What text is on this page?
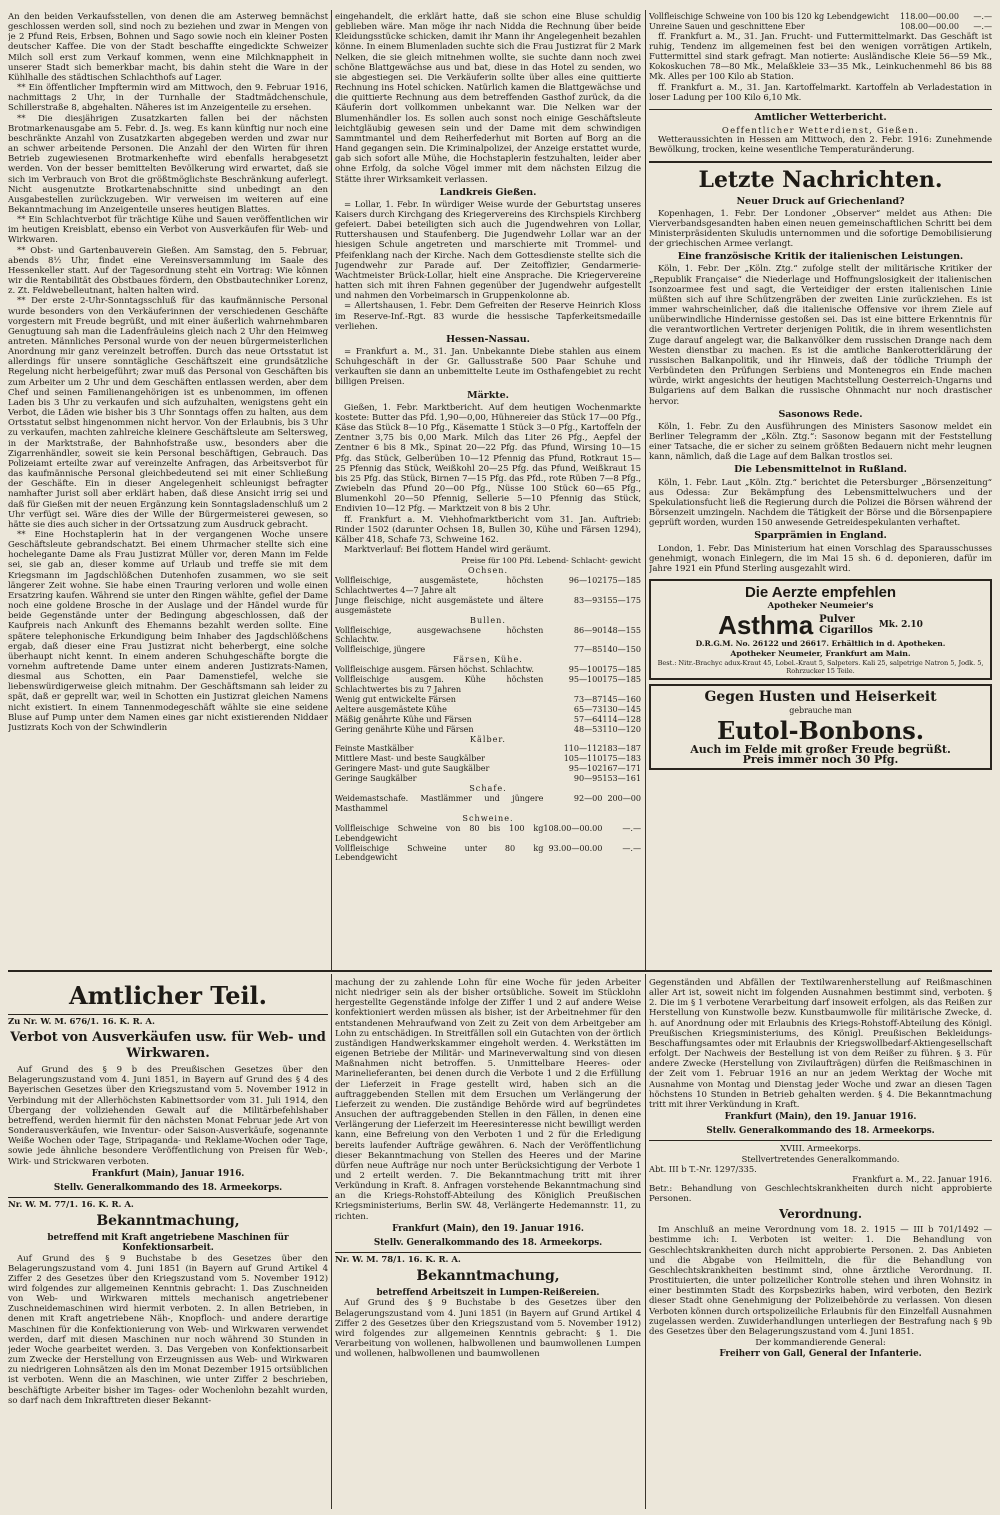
An den beiden Verkaufsstellen, von denen die am Asterweg bemnächst geschlossen werden soll, sind noch zu beziehen und zwar in Mengen von je 2 Pfund Reis, Erbsen, Bohnen und Sago sowie noch ein kleiner Posten deutscher Kaffee. Die von der Stadt beschaffte eingedickte Schweizer Milch soll erst zum Verkauf kommen, wenn eine Milchknappheit in unserer Stadt sich bemerkbar macht, bis dahin steht die Ware in der Kühlhalle des städtischen Schlachthofs auf Lager.

** Ein öffentlicher Impftermin wird am Mittwoch, den 9. Februar 1916, nachmittags 2 Uhr, in der Turnhalle der Stadtmädchenschule, Schillerstraße 8, abgehalten. Näheres ist im Anzeigenteile zu ersehen.

** Die diesjährigen Zusatzkarten fallen bei der nächsten Brotmarkenausgabe am 5. Febr. d. Js. weg. Es kann künftig nur noch eine beschränkte Anzahl von Zusatzkarten abgegeben werden und zwar nur an schwer arbeitende Personen. Die Anzahl der den Wirten für ihren Betrieb zugewiesenen Brotmarkenhefte wird ebenfalls herabgesetzt werden. Von der besser bemittelten Bevölkerung wird erwartet, daß sie sich im Verbrauch von Brot die größtmöglichste Beschränkung auferlegt. Nicht ausgenutzte Brotkartenabschnitte sind unbedingt an den Ausgabestellen zurückzugeben. Wir verweisen im weiteren auf eine Bekanntmachung im Anzeigenteile unseres heutigen Blattes.

** Ein Schlachtverbot für trächtige Kühe und Sauen veröffentlichen wir im heutigen Kreisblatt, ebenso ein Verbot von Ausverkäufen für Web- und Wirkwaren.

** Obst- und Gartenbauverein Gießen. Am Samstag, den 5. Februar, abends 8½ Uhr, findet eine Vereinsversammlung im Saale des Hessenkeller statt. Auf der Tagesordnung steht ein Vortrag: Wie können wir die Rentabilität des Obstbaues fördern, den Obstbautechniker Lorenz, z. Zt. Feldwebelleutnant, halten halten wird.

** Der erste 2-Uhr-Sonntagsschluß für das kaufmännische Personal wurde besonders von den Verkäuferinnen der verschiedenen Geschäfte vorgestern mit Freude begrüßt, und mit einer äußerlich wahrnehmbaren Genugtuung sah man die Ladenfräuleins gleich nach 2 Uhr den Heimweg antreten. Männliches Personal wurde von der neuen bürgermeisterlichen Anordnung mir ganz vereinzelt betroffen. Durch das neue Ortsstatut ist allerdings für unsere sonntägliche Geschäftszeit eine grundsätzliche Regelung nicht herbeigeführt; zwar muß das Personal von Geschäften bis zum Arbeiter um 2 Uhr und dem Geschäften entlassen werden, aber dem Chef und seinen Familienangehörigen ist es unbenommen, im offenen Laden bis 3 Uhr zu verkaufen und sich aufzuhalten, wenigstens geht ein Verbot, die Läden wie bisher bis 3 Uhr Sonntags offen zu halten, aus dem Ortsstatut selbst hingenommen nicht hervor. Von der Erlaubnis, bis 3 Uhr zu verkaufen, machten zahlreiche kleinere Geschäftsleute am Seltersweg, in der Marktstraße, der Bahnhofstraße usw., besonders aber die Zigarrenhändler, soweit sie kein Personal beschäftigen, Gebrauch. Das Polizeiamt erteilte zwar auf vereinzelte Anfragen, das Arbeitsverbot für das kaufmännische Personal gleichbedeutend sei mit einer Schließung der Geschäfte. Ein in dieser Angelegenheit schleunigst befragter namhafter Jurist soll aber erklärt haben, daß diese Ansicht irrig sei und daß für Gießen mit der neuen Ergänzung kein Sonntagsladenschluß um 2 Uhr verfügt sei. Wäre dies der Wille der Bürgermeisterei gewesen, so hätte sie dies auch sicher in der Ortssatzung zum Ausdruck gebracht.

** Eine Hochstaplerin hat in der vergangenen Woche unsere Geschäftsleute gebrandschatzt. Bei einem Uhrmacher stellte sich eine hochelegante Dame als Frau Justizrat Müller vor, deren Mann im Felde sei, sie gab an, dieser komme auf Urlaub und treffe sie mit dem Kriegsmann im Jagdschlößchen Dutenhofen zusammen, wo sie seit längerer Zeit wohne. Sie habe einen Trauring verloren und wolle einen Ersatzring kaufen. Während sie unter den Ringen wählte, gefiel der Dame noch eine goldene Brosche in der Auslage und der Händel wurde für beide Gegenstände unter der Bedingung abgeschlossen, daß der Kaufpreis nach Ankunft des Ehemanns bezahlt werden sollte. Eine spätere telephonische Erkundigung beim Inhaber des Jagdschlößchens ergab, daß dieser eine Frau Justizrat nicht beherbergt, eine solche überhaupt nicht kennt. In einem anderen Schuhgeschäfte borgte die vornehm auftretende Dame unter einem anderen Justizrats-Namen, diesmal aus Schotten, ein Paar Damenstiefel, welche sie liebenswürdigerweise gleich mitnahm. Der Geschäftsmann sah leider zu spät, daß er geprellt war, weil in Schotten ein Justizrat gleichen Namens nicht existiert. In einem Tannenmodegeschäft wählte sie eine seidene Bluse auf Pump unter dem Namen eines gar nicht existierenden Niddaer Justizrats Koch von der Schwindlerin

eingehandelt, die erklärt hatte, daß sie schon eine Bluse schuldig geblieben wäre. Man möge ihr nach Nidda die Rechnung über beide Kleidungsstücke schicken, damit ihr Mann ihr Angelegenheit bezahlen könne. In einem Blumenladen suchte sich die Frau Justizrat für 2 Mark Nelken, die sie gleich mitnehmen wollte, sie suchte dann noch zwei schöne Blattgewächse aus und bat, diese in das Hotel zu senden, wo sie abgestiegen sei. Die Verkäuferin sollte über alles eine quittierte Rechnung ins Hotel schicken. Natürlich kamen die Blattgewächse und die quittierte Rechnung aus dem betreffenden Gasthof zurück, da die Käuferin dort vollkommen unbekannt war. Die Nelken war der Blumenhändler los. Es sollen auch sonst noch einige Geschäftsleute leichtgläubig gewesen sein und der Dame mit dem schwindigen Sammtmantel und dem Reiherfederhut mit Borten auf Borg an die Hand gegangen sein. Die Kriminalpolizei, der Anzeige erstattet wurde, gab sich sofort alle Mühe, die Hochstaplerin festzuhalten, leider aber ohne Erfolg, da solche Vögel immer mit dem nächsten Eilzug die Stätte ihrer Wirksamkeit verlassen.

Landkreis Gießen.

= Lollar, 1. Febr. In würdiger Weise wurde der Geburtstag unseres Kaisers durch Kirchgang des Kriegervereins des Kirchspiels Kirchberg gefeiert. Dabei beteiligten sich auch die Jugendwehren von Lollar, Ruttershausen und Staufenberg. Die Jugendwehr Lollar war an der hiesigen Schule angetreten und marschierte mit Trommel- und Pfeifenklang nach der Kirche. Nach dem Gottesdienste stellte sich die Jugendwehr zur Parade auf. Der Zeitoffizier, Gendarmerie-Wachtmeister Brück-Lollar, hielt eine Ansprache. Die Kriegervereine hatten sich mit ihren Fahnen gegenüber der Jugendwehr aufgestellt und nahmen den Vorbeimarsch in Gruppenkolonne ab.

= Allertshausen, 1. Febr. Dem Gefreiten der Reserve Heinrich Kloss im Reserve-Inf.-Rgt. 83 wurde die hessische Tapferkeitsmedaille verliehen.

Hessen-Nassau.

= Frankfurt a. M., 31. Jan. Unbekannte Diebe stahlen aus einem Schuhgeschäft in der Gr. Gallusstraße 500 Paar Schuhe und verkauften sie dann an unbemittelte Leute im Osthafengebiet zu recht billigen Preisen.

Märkte.

Gießen, 1. Febr. Marktbericht. Auf dem heutigen Wochenmarkte kostete: Butter das Pfd. 1,90—0,00, Hühnereier das Stück 17—00 Pfg., Käse das Stück 8—10 Pfg., Käsematte 1 Stück 3—0 Pfg., Kartoffeln der Zentner 3,75 bis 0,00 Mark. Milch das Liter 26 Pfg., Aepfel der Zentner 6 bis 8 Mk., Spinat 20—22 Pfg. das Pfund, Wirsing 10—15 Pfg. das Stück, Gelberüben 10—12 Pfennig das Pfund, Rotkraut 15—25 Pfennig das Stück, Weißkohl 20—25 Pfg. das Pfund, Weißkraut 15 bis 25 Pfg. das Stück, Birnen 7—15 Pfg. das Pfd., rote Rüben 7—8 Pfg., Zwiebeln das Pfund 20—00 Pfg., Nüsse 100 Stück 60—65 Pfg., Blumenkohl 20—50 Pfennig, Sellerie 5—10 Pfennig das Stück, Endivien 10—12 Pfg. — Marktzeit von 8 bis 2 Uhr.

ff. Frankfurt a. M. Viehhofmarktbericht vom 31. Jan. Auftrieb: Rinder 1502 (darunter Ochsen 18, Bullen 30, Kühe und Färsen 1294), Kälber 418, Schafe 73, Schweine 162.

Marktverlauf: Bei flottem Handel wird geräumt.

Preise für 100 Pfd. Lebend- Schlacht- gewicht
Ochsen.		
Vollfleischige, ausgemästete, höchsten Schlachtwertes 4—7 Jahre alt	96—102	175—185
Junge fleischige, nicht ausgemästete und ältere ausgemästete	83—93	155—175
Bullen.		
Vollfleischige, ausgewachsene höchsten Schlachtw.	86—90	148—155
Vollfleischige, jüngere	77—85	140—150
Färsen, Kühe.		
Vollfleischige ausgem. Färsen höchst. Schlachtw.	95—100	175—185
Vollfleischige ausgem. Kühe höchsten Schlachtwertes bis zu 7 Jahren	95—100	175—185
Wenig gut entwickelte Färsen	73—87	145—160
Aeltere ausgemästete Kühe	65—73	130—145
Mäßig genährte Kühe und Färsen	57—64	114—128
Gering genährte Kühe und Färsen	48—53	110—120
Kälber.		
Feinste Mastkälber	110—112	183—187
Mittlere Mast- und beste Saugkälber	105—110	175—183
Geringere Mast- und gute Saugkälber	95—102	167—171
Geringe Saugkälber	90—95	153—161
Schafe.		
Weidemastschafe. Mastlämmer und jüngere Masthammel	92—00	200—00
Schweine.		
Vollfleischige Schweine von 80 bis 100 kg Lebendgewicht	108.00—00.00	—.—
Vollfleischige Schweine unter 80 kg Lebendgewicht	93.00—00.00	—.—
Vollfleischige Schweine von 100 bis 120 kg Lebendgewicht	118.00—00.00	—.—
Unreine Sauen und geschnittene Eber	108.00—00.00	—.—

ff. Frankfurt a. M., 31. Jan. Frucht- und Futtermittelmarkt. Das Geschäft ist ruhig, Tendenz im allgemeinen fest bei den wenigen vorrätigen Artikeln, Futtermittel sind stark gefragt. Man notierte: Ausländische Kleie 56—59 Mk., Kokoskuchen 78—80 Mk., Melaßkleie 33—35 Mk., Leinkuchenmehl 86 bis 88 Mk. Alles per 100 Kilo ab Station.

ff. Frankfurt a. M., 31. Jan. Kartoffelmarkt. Kartoffeln ab Verladestation in loser Ladung per 100 Kilo 6,10 Mk.

Amtlicher Wetterbericht.
Oeffentlicher Wetterdienst, Gießen.

Wetteraussichten in Hessen am Mittwoch, den 2. Febr. 1916: Zunehmende Bewölkung, trocken, keine wesentliche Temperaturänderung.

Letzte Nachrichten.
Neuer Druck auf Griechenland?

Kopenhagen, 1. Febr. Der Londoner „Observer“ meldet aus Athen: Die Vierverbandsgesandten haben einen neuen gemeinschaftlichen Schritt bei dem Ministerpräsidenten Skuludis unternommen und die sofortige Demobilisierung der griechischen Armee verlangt.

Eine französische Kritik der italienischen Leistungen.

Köln, 1. Febr. Der „Köln. Ztg.“ zufolge stellt der militärische Kritiker der „Republik Française“ die Niederlage und Hoffnungslosigkeit der italienischen Isonzoarmee fest und sagt, die Verteidiger der ersten italienischen Linie müßten sich auf ihre Schützengräben der zweiten Linie zurückziehen. Es ist immer wahrscheinlicher, daß die italienische Offensive vor ihrem Ziele auf unüberwindliche Hindernisse gestoßen sei. Das ist eine bittere Erkenntnis für die verantwortlichen Vertreter derjenigen Politik, die in ihrem wesentlichsten Zuge darauf angelegt war, die Balkanvölker dem russischen Drange nach dem Westen dienstbar zu machen. Es ist die amtliche Bankerotterklärung der russischen Balkanpolitik, und ihr Hinweis, daß der tödliche Triumph der Verbündeten den Prüfungen Serbiens und Montenegros ein Ende machen würde, wirkt angesichts der heutigen Machtstellung Oesterreich-Ungarns und Bulgariens auf dem Balkan die russische Ohnmacht nur noch drastischer hervor.

Sasonows Rede.

Köln, 1. Febr. Zu den Ausführungen des Ministers Sasonow meldet ein Berliner Telegramm der „Köln. Ztg.“: Sasonow begann mit der Feststellung einer Tatsache, die er sicher zu seinem größten Bedauern nicht mehr leugnen kann, nämlich, daß die Lage auf dem Balkan trostlos sei.

Die Lebensmittelnot in Rußland.

Köln, 1. Febr. Laut „Köln. Ztg.“ berichtet die Petersburger „Börsenzeitung“ aus Odessa: Zur Bekämpfung des Lebensmittelwuchers und der Spekulationsfucht ließ die Regierung durch die Polizei die Börsen während der Börsenzeit umzingeln. Nachdem die Tätigkeit der Börse und die Börsenpapiere geprüft worden, wurden 150 anwesende Getreidespekulanten verhaftet.

Sparprämien in England.

London, 1. Febr. Das Ministerium hat einen Vorschlag des Sparausschusses genehmigt, wonach Einlegern, die im Mai 15 sh. 6 d. deponieren, dafür im Jahre 1921 ein Pfund Sterling ausgezahlt wird.

Die Aerzte empfehlen
Apotheker Neumeier's
Asthma Pulver
Cigarillos
Mk. 2.10
D.R.G.M. No. 26122 und 26617. Erhältlich in d. Apotheken.
Apotheker Neumeier, Frankfurt am Main.
Best.: Nitr.-Brachyc adux-Kraut 45, Lobel.-Kraut 5, Salpeters. Kali 25, salpetrige Natron 5, Jodk. 5, Rohrzucker 15 Teile.
Gegen Husten und Heiserkeit
gebrauche man
Eutol-Bonbons.
Auch im Felde mit großer Freude begrüßt.
Preis immer noch 30 Pfg.
Amtlicher Teil.
Zu Nr. W. M. 676/1. 16. K. R. A.
Verbot von Ausverkäufen usw. für Web- und Wirkwaren.

Auf Grund des § 9 b des Preußischen Gesetzes über den Belagerungszustand vom 4. Juni 1851, in Bayern auf Grund des § 4 des Bayerischen Gesetzes über den Kriegszustand vom 5. November 1912 in Verbindung mit der Allerhöchsten Kabinettsorder vom 31. Juli 1914, den Übergang der vollziehenden Gewalt auf die Militärbefehlshaber betreffend, werden hiermit für den nächsten Monat Februar jede Art von Sonderausverkäufen, wie Inventur- oder Saison-Ausverkäufe, sogenannte Weiße Wochen oder Tage, Stripaganda- und Reklame-Wochen oder Tage, sowie jede ähnliche besondere Veröffentlichung von Preisen für Web-, Wirk- und Strickwaren verboten.

Frankfurt (Main), Januar 1916.
Stellv. Generalkommando des 18. Armeekorps.
Nr. W. M. 77/1. 16. K. R. A.
Bekanntmachung,
betreffend mit Kraft angetriebene Maschinen für Konfektionsarbeit.

Auf Grund des § 9 Buchstabe b des Gesetzes über den Belagerungszustand vom 4. Juni 1851 (in Bayern auf Grund Artikel 4 Ziffer 2 des Gesetzes über den Kriegszustand vom 5. November 1912) wird folgendes zur allgemeinen Kenntnis gebracht: 1. Das Zuschneiden von Web- und Wirkwaren mittels mechanisch angetriebener Zuschneidemaschinen wird hiermit verboten. 2. In allen Betrieben, in denen mit Kraft angetriebene Näh-, Knopfloch- und andere derartige Maschinen für die Konfektionierung von Web- und Wirkwaren verwendet werden, darf mit diesen Maschinen nur noch während 30 Stunden in jeder Woche gearbeitet werden. 3. Das Vergeben von Konfektionsarbeit zum Zwecke der Herstellung von Erzeugnissen aus Web- und Wirkwaren zu niedrigeren Lohnsätzen als den im Monat Dezember 1915 ortsüblichen ist verboten. Wenn die an Maschinen, wie unter Ziffer 2 beschrieben, beschäftigte Arbeiter bisher im Tages- oder Wochenlohn bezahlt wurden, so darf nach dem Inkrafttreten dieser Bekannt-

machung der zu zahlende Lohn für eine Woche für jeden Arbeiter nicht niedriger sein als der bisher ortsübliche. Soweit im Stücklohn hergestellte Gegenstände infolge der Ziffer 1 und 2 auf andere Weise konfektioniert werden müssen als bisher, ist der Arbeitnehmer für den entstandenen Mehraufwand von Zeit zu Zeit von dem Arbeitgeber am Lohn zu entschädigen. In Streitfällen soll ein Gutachten von der örtlich zuständigen Handwerkskammer eingeholt werden. 4. Werkstätten im eigenen Betriebe der Militär- und Marineverwaltung sind von diesen Maßnahmen nicht betroffen. 5. Unmittelbare Heeres- oder Marinelieferanten, bei denen durch die Verbote 1 und 2 die Erfüllung der Lieferzeit in Frage gestellt wird, haben sich an die auftraggebenden Stellen mit dem Ersuchen um Verlängerung der Lieferzeit zu wenden. Die zuständige Behörde wird auf begründetes Ansuchen der auftraggebenden Stellen in den Fällen, in denen eine Verlängerung der Lieferzeit im Heeresinteresse nicht bewilligt werden kann, eine Befreiung von den Verboten 1 und 2 für die Erledigung bereits laufender Aufträge gewähren. 6. Nach der Veröffentlichung dieser Bekanntmachung von Stellen des Heeres und der Marine dürfen neue Aufträge nur noch unter Berücksichtigung der Verbote 1 und 2 erteilt werden. 7. Die Bekanntmachung tritt mit ihrer Verkündung in Kraft. 8. Anfragen vorstehende Bekanntmachung sind an die Kriegs-Rohstoff-Abteilung des Königlich Preußischen Kriegsministeriums, Berlin SW. 48, Verlängerte Hedemannstr. 11, zu richten.

Frankfurt (Main), den 19. Januar 1916.
Stellv. Generalkommando des 18. Armeekorps.
Nr. W. M. 78/1. 16. K. R. A.
Bekanntmachung,
betreffend Arbeitszeit in Lumpen-Reißereien.

Auf Grund des § 9 Buchstabe b des Gesetzes über den Belagerungszustand vom 4. Juni 1851 (in Bayern auf Grund Artikel 4 Ziffer 2 des Gesetzes über den Kriegszustand vom 5. November 1912) wird folgendes zur allgemeinen Kenntnis gebracht: § 1. Die Verarbeitung von wollenen, halbwollenen und baumwollenen Lumpen und wollenen, halbwollenen und baumwollenen

Gegenständen und Abfällen der Textilwarenherstellung auf Reißmaschinen aller Art ist, soweit nicht im folgenden Ausnahmen bestimmt sind, verboten. § 2. Die im § 1 verbotene Verarbeitung darf insoweit erfolgen, als das Reißen zur Herstellung von Kunstwolle bezw. Kunstbaumwolle für militärische Zwecke, d. h. auf Anordnung oder mit Erlaubnis des Kriegs-Rohstoff-Abteilung des Königl. Preußischen Kriegsministeriums, des Königl. Preußischen Bekleidungs-Beschaffungsamtes oder mit Erlaubnis der Kriegswollbedarf-Aktiengesellschaft erfolgt. Der Nachweis der Bestellung ist von dem Reißer zu führen. § 3. Für andere Zwecke (Herstellung von Zivilaufträgen) dürfen die Reißmaschinen in der Zeit vom 1. Februar 1916 an nur an jedem Werktag der Woche mit Ausnahme von Montag und Dienstag jeder Woche und zwar an diesen Tagen höchstens 10 Stunden in Betrieb gehalten werden. § 4. Die Bekanntmachung tritt mit ihrer Verkündung in Kraft.

Frankfurt (Main), den 19. Januar 1916.
Stellv. Generalkommando des 18. Armeekorps.
XVIII. Armeekorps.
Stellvertretendes Generalkommando.
Abt. III b T.-Nr. 1297/335.
Frankfurt a. M., 22. Januar 1916.

Betr.: Behandlung von Geschlechtskrankheiten durch nicht approbierte Personen.

Verordnung.

Im Anschluß an meine Verordnung vom 18. 2. 1915 — III b 701/1492 — bestimme ich: I. Verboten ist weiter: 1. Die Behandlung von Geschlechtskrankheiten durch nicht approbierte Personen. 2. Das Anbieten und die Abgabe von Heilmitteln, die für die Behandlung von Geschlechtskrankheiten bestimmt sind, ohne ärztliche Verordnung. II. Prostituierten, die unter polizeilicher Kontrolle stehen und ihren Wohnsitz in einer bestimmten Stadt des Korpsbezirks haben, wird verboten, den Bezirk dieser Stadt ohne Genehmigung der Polizeibehörde zu verlassen. Von diesen Verboten können durch ortspolizeiliche Erlaubnis für den Einzelfall Ausnahmen zugelassen werden. Zuwiderhandlungen unterliegen der Bestrafung nach § 9b des Gesetzes über den Belagerungszustand vom 4. Juni 1851.

Der kommandierende General:
Freiherr von Gall, General der Infanterie.
